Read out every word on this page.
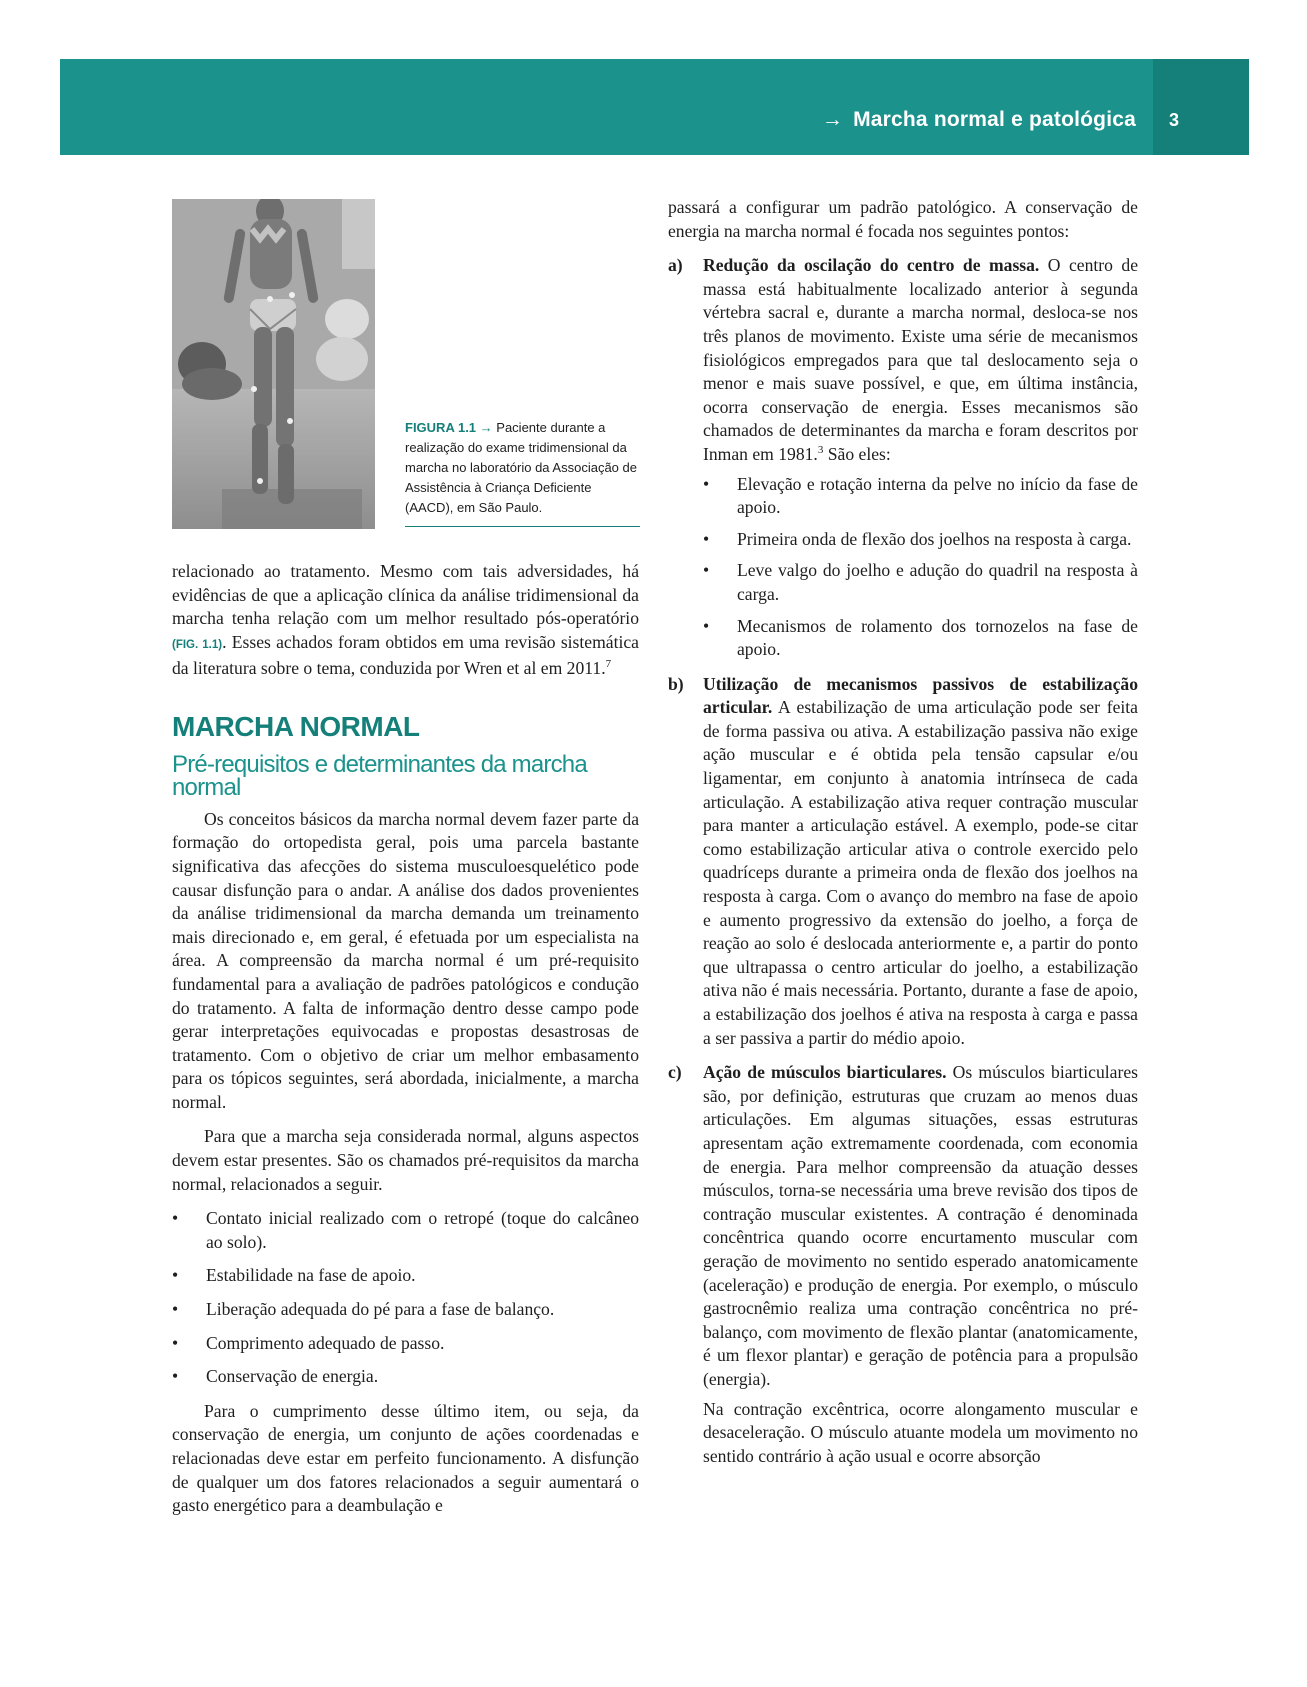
→ Marcha normal e patológica	3
FIGURA 1.1 → Paciente durante a realização do exame tridimensional da marcha no laboratório da Associação de Assistência à Criança Deficiente (AACD), em São Paulo.

relacionado ao tratamento. Mesmo com tais adversidades, há evidências de que a aplicação clínica da análise tridimensional da marcha tenha relação com um melhor resultado pós-operatório (FIG. 1.1). Esses achados foram obtidos em uma revisão sistemática da literatura sobre o tema, conduzida por Wren et al em 2011.$^7$

MARCHA NORMAL
Pré-requisitos e determinantes da marcha normal

Os conceitos básicos da marcha normal devem fazer parte da formação do ortopedista geral, pois uma parcela bastante significativa das afecções do sistema musculoesquelético pode causar disfunção para o andar. A análise dos dados provenientes da análise tridimensional da marcha demanda um treinamento mais direcionado e, em geral, é efetuada por um especialista na área. A compreensão da marcha normal é um pré-requisito fundamental para a avaliação de padrões patológicos e condução do tratamento. A falta de informação dentro desse campo pode gerar interpretações equivocadas e propostas desastrosas de tratamento. Com o objetivo de criar um melhor embasamento para os tópicos seguintes, será abordada, inicialmente, a marcha normal.

Para que a marcha seja considerada normal, alguns aspectos devem estar presentes. São os chamados pré-requisitos da marcha normal, relacionados a seguir.

• Contato inicial realizado com o retropé (toque do calcâneo ao solo).
• Estabilidade na fase de apoio.
• Liberação adequada do pé para a fase de balanço.
• Comprimento adequado de passo.
• Conservação de energia.

Para o cumprimento desse último item, ou seja, da conservação de energia, um conjunto de ações coordenadas e relacionadas deve estar em perfeito funcionamento. A disfunção de qualquer um dos fatores relacionados a seguir aumentará o gasto energético para a deambulação e

passará a configurar um padrão patológico. A conservação de energia na marcha normal é focada nos seguintes pontos:

a) Redução da oscilação do centro de massa. O centro de massa está habitualmente localizado anterior à segunda vértebra sacral e, durante a marcha normal, desloca-se nos três planos de movimento. Existe uma série de mecanismos fisiológicos empregados para que tal deslocamento seja o menor e mais suave possível, e que, em última instância, ocorra conservação de energia. Esses mecanismos são chamados de determinantes da marcha e foram descritos por Inman em 1981.$^3$ São eles:

• Elevação e rotação interna da pelve no início da fase de apoio.
• Primeira onda de flexão dos joelhos na resposta à carga.
• Leve valgo do joelho e adução do quadril na resposta à carga.
• Mecanismos de rolamento dos tornozelos na fase de apoio.
b) Utilização de mecanismos passivos de estabilização articular. A estabilização de uma articulação pode ser feita de forma passiva ou ativa. A estabilização passiva não exige ação muscular e é obtida pela tensão capsular e/ou ligamentar, em conjunto à anatomia intrínseca de cada articulação. A estabilização ativa requer contração muscular para manter a articulação estável. A exemplo, pode-se citar como estabilização articular ativa o controle exercido pelo quadríceps durante a primeira onda de flexão dos joelhos na resposta à carga. Com o avanço do membro na fase de apoio e aumento progressivo da extensão do joelho, a força de reação ao solo é deslocada anteriormente e, a partir do ponto que ultrapassa o centro articular do joelho, a estabilização ativa não é mais necessária. Portanto, durante a fase de apoio, a estabilização dos joelhos é ativa na resposta à carga e passa a ser passiva a partir do médio apoio.

c) Ação de músculos biarticulares. Os músculos biarticulares são, por definição, estruturas que cruzam ao menos duas articulações. Em algumas situações, essas estruturas apresentam ação extremamente coordenada, com economia de energia. Para melhor compreensão da atuação desses músculos, torna-se necessária uma breve revisão dos tipos de contração muscular existentes. A contração é denominada concêntrica quando ocorre encurtamento muscular com geração de movimento no sentido esperado anatomicamente (aceleração) e produção de energia. Por exemplo, o músculo gastrocnêmio realiza uma contração concêntrica no pré-balanço, com movimento de flexão plantar (anatomicamente, é um flexor plantar) e geração de potência para a propulsão (energia).

Na contração excêntrica, ocorre alongamento muscular e desaceleração. O músculo atuante modela um movimento no sentido contrário à ação usual e ocorre absorção
